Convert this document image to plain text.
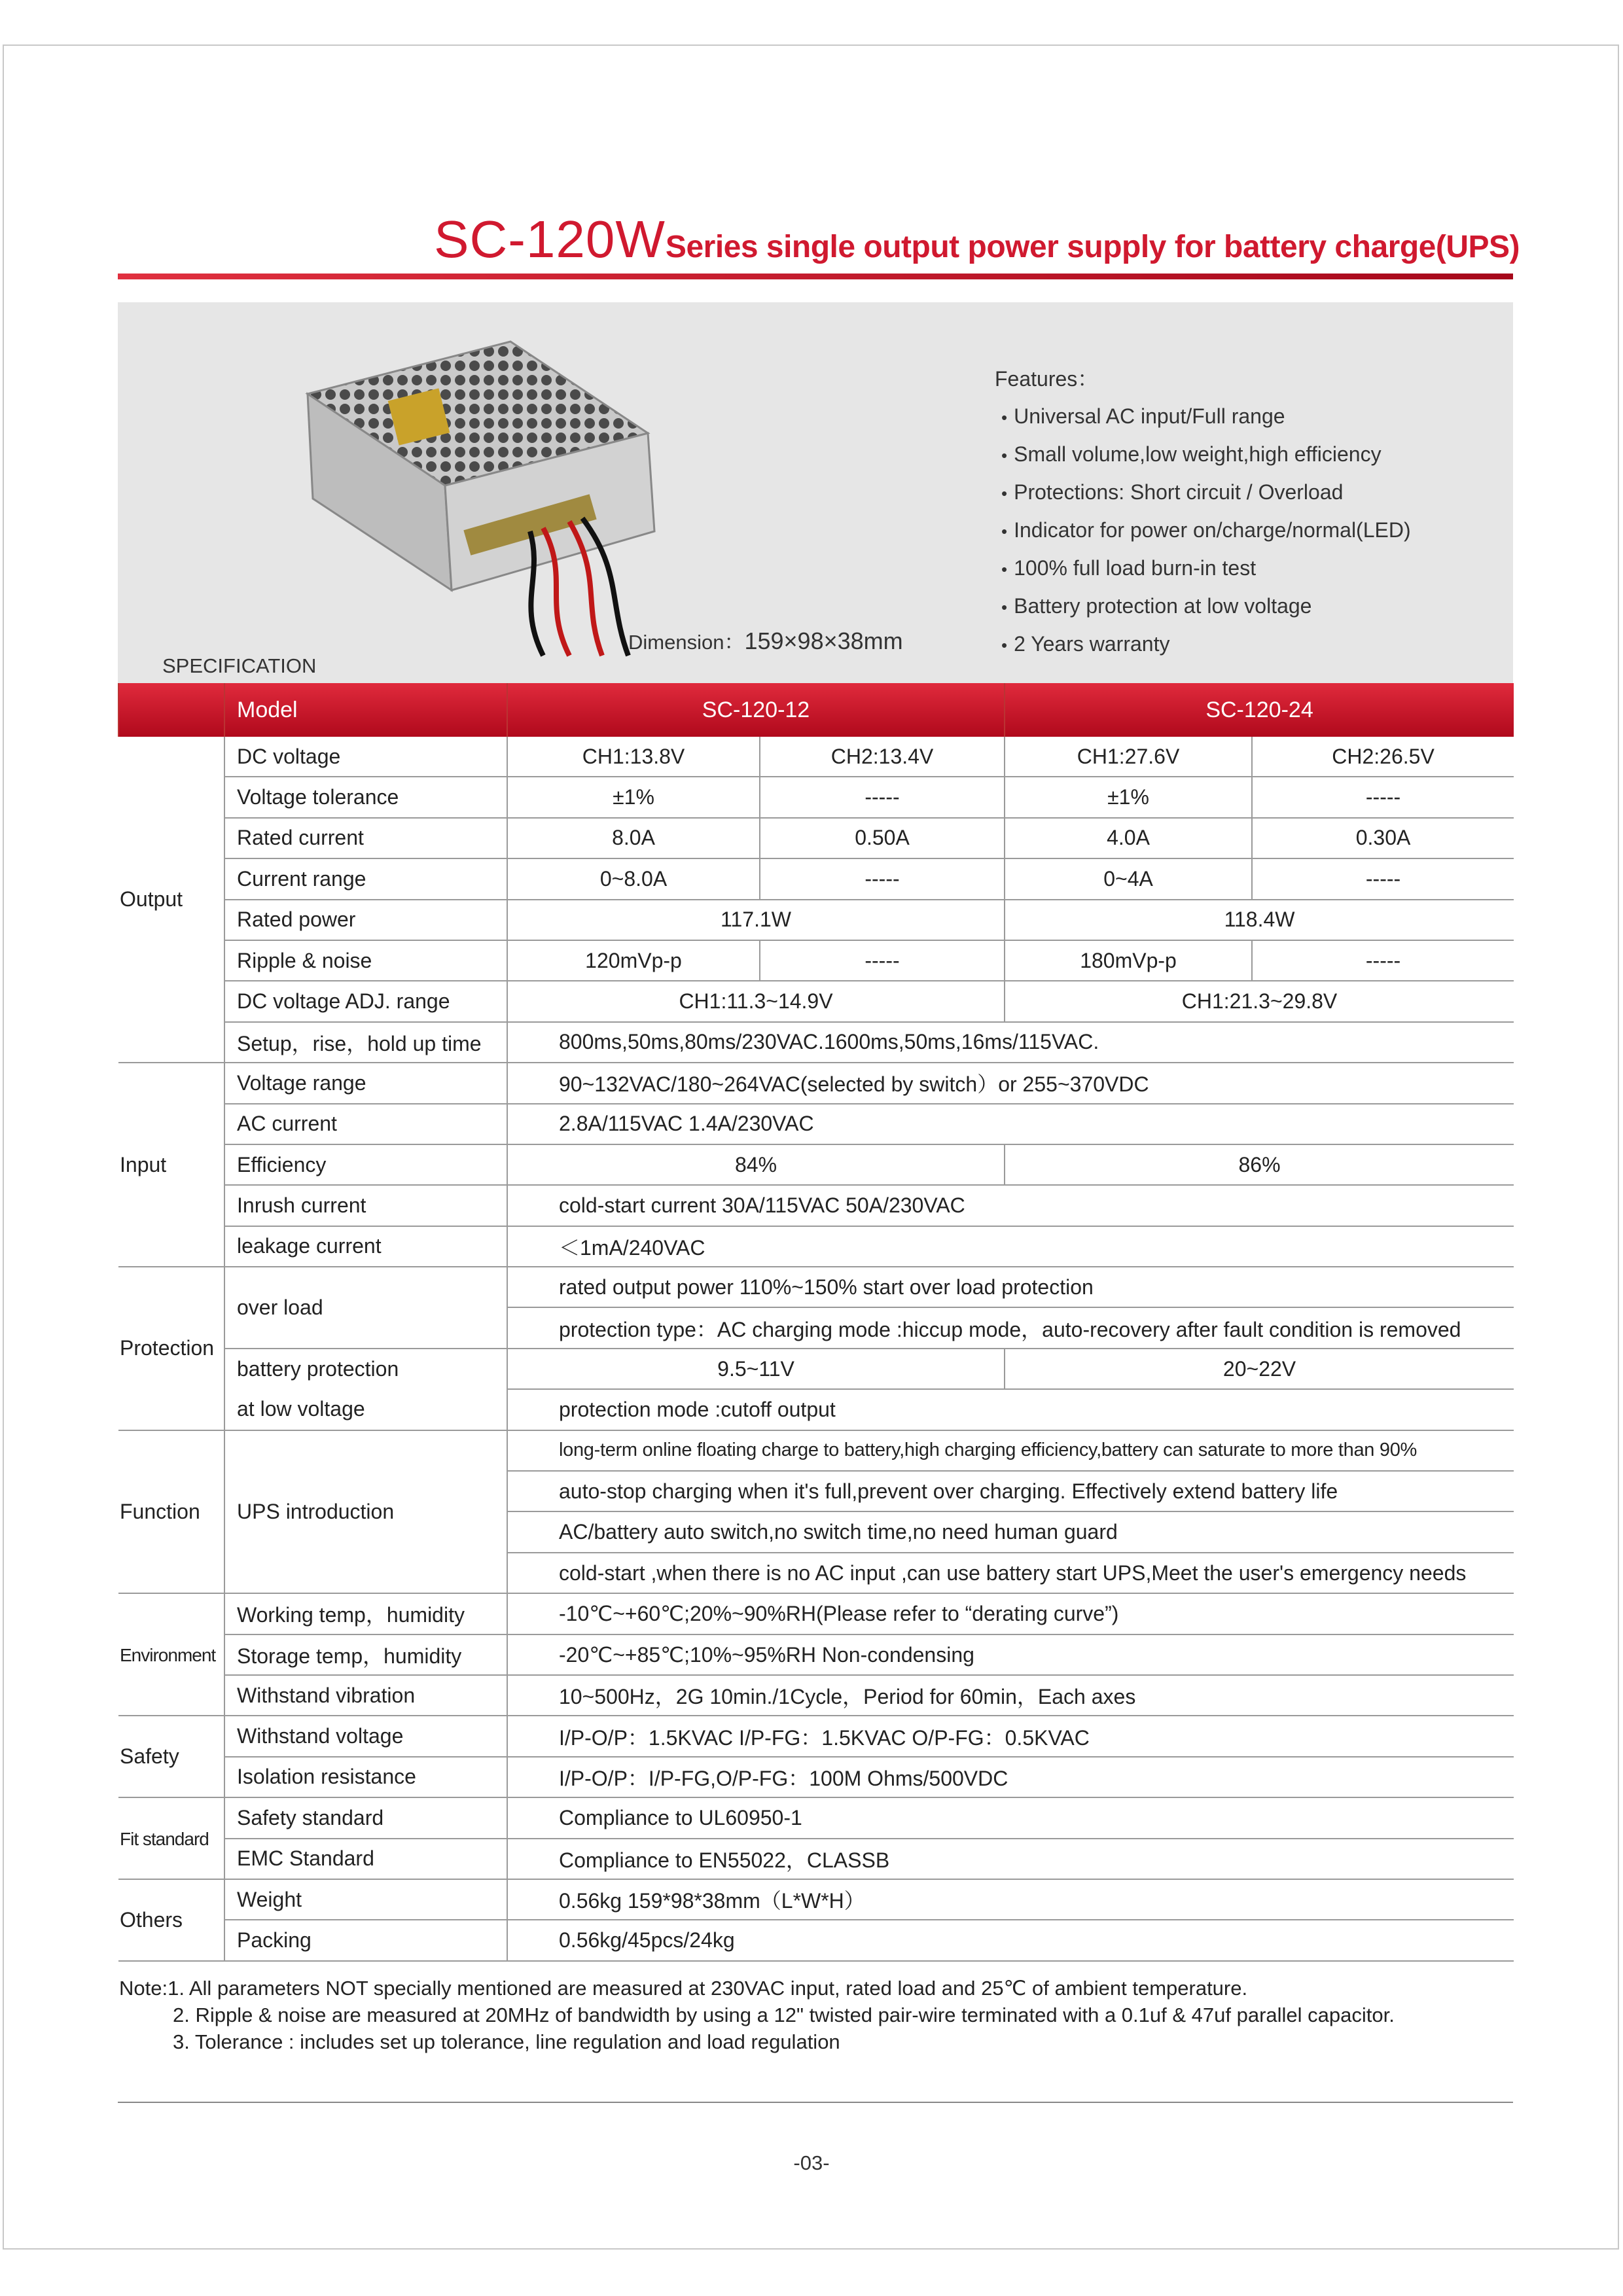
SC-120WSeries single output power supply for battery charge(UPS)
SPECIFICATION
Dimension：159×98×38mm
Features：
• Universal AC input/Full range
• Small volume,low weight,high efficiency
• Protections: Short circuit / Overload
• Indicator for power on/charge/normal(LED)
• 100% full load burn-in test
• Battery protection at low voltage
• 2 Years warranty
	Model	SC-120-12		SC-120-24	
Output	DC voltage	CH1:13.8V	CH2:13.4V	CH1:27.6V	CH2:26.5V
	Voltage tolerance	±1%	-----	±1%	-----
	Rated current	8.0A	0.50A	4.0A	0.30A
	Current range	0~8.0A	-----	0~4A	-----
	Rated power	117.1W		118.4W	
	Ripple & noise	120mVp-p	-----	180mVp-p	-----
	DC voltage ADJ. range	CH1:11.3~14.9V		CH1:21.3~29.8V	
	Setup，rise，hold up time	800ms,50ms,80ms/230VAC.1600ms,50ms,16ms/115VAC.			
Input	Voltage range	90~132VAC/180~264VAC(selected by switch）or 255~370VDC			
	AC current	2.8A/115VAC 1.4A/230VAC			
	Efficiency	84%		86%	
	Inrush current	cold-start current 30A/115VAC 50A/230VAC			
	leakage current	＜1mA/240VAC			
Protection	over load	rated output power 110%~150% start over load protection			
		protection type：AC charging mode :hiccup mode，auto-recovery after fault condition is removed			
	battery protection	9.5~11V		20~22V	
	at low voltage	protection mode :cutoff output			
Function	UPS introduction	long-term online floating charge to battery,high charging efficiency,battery can saturate to more than 90%			
		auto-stop charging when it's full,prevent over charging. Effectively extend battery life			
		AC/battery auto switch,no switch time,no need human guard			
		cold-start ,when there is no AC input ,can use battery start UPS,Meet the user's emergency needs			
Environment	Working temp，humidity	-10℃~+60℃;20%~90%RH(Please refer to “derating curve”)			
	Storage temp，humidity	-20℃~+85℃;10%~95%RH Non-condensing			
	Withstand vibration	10~500Hz，2G 10min./1Cycle，Period for 60min，Each axes			
Safety	Withstand voltage	I/P-O/P：1.5KVAC I/P-FG：1.5KVAC O/P-FG：0.5KVAC			
	Isolation resistance	I/P-O/P：I/P-FG,O/P-FG：100M Ohms/500VDC			
Fit standard	Safety standard	Compliance to UL60950-1			
	EMC Standard	Compliance to EN55022，CLASSB			
Others	Weight	0.56kg 159*98*38mm（L*W*H）			
	Packing	0.56kg/45pcs/24kg			
Note:1. All parameters NOT specially mentioned are measured at 230VAC input, rated load and 25℃ of ambient temperature.
2. Ripple & noise are measured at 20MHz of bandwidth by using a 12" twisted pair-wire terminated with a 0.1uf & 47uf parallel capacitor.
3. Tolerance : includes set up tolerance, line regulation and load regulation
-03-
